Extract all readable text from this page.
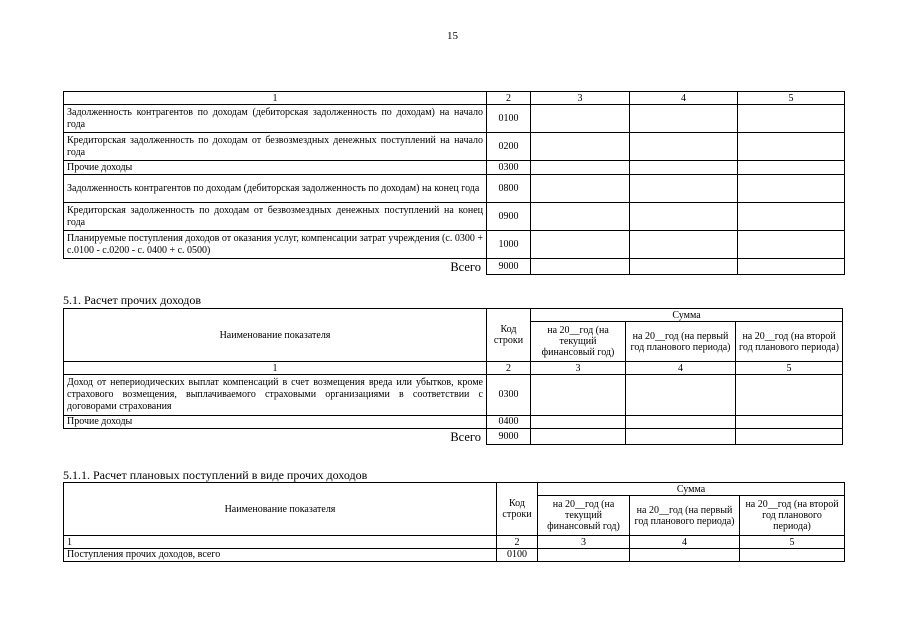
15
1	2	3	4	5
Задолженность контрагентов по доходам (дебиторская задолженность по доходам) на начало года	0100			
Кредиторская задолженность по доходам от безвозмездных денежных поступлений на начало года	0200			
Прочие доходы	0300			
Задолженность контрагентов по доходам (дебиторская задолженность по доходам) на конец года	0800			
Кредиторская задолженность по доходам от безвозмездных денежных поступлений на конец года	0900			
Планируемые поступления доходов от оказания услуг, компенсации затрат учреждения (с. 0300 + с.0100 - с.0200 - с. 0400 + с. 0500)	1000			
Всего	9000			
5.1. Расчет прочих доходов
Наименование показателя	Код строки	Сумма		
		на 20__год (на текущий финансовый год)	на 20__год (на первый год планового периода)	на 20__год (на второй год планового периода)
1	2	3	4	5
Доход от непериодических выплат компенсаций в счет возмещения вреда или убытков, кроме страхового возмещения, выплачиваемого страховыми организациями в соответствии с договорами страхования	0300			
Прочие доходы	0400			
Всего	9000			
5.1.1. Расчет плановых поступлений в виде прочих доходов
Наименование показателя	Код строки	Сумма		
		на 20__год (на текущий финансовый год)	на 20__год (на первый год планового периода)	на 20__год (на второй год планового периода)
1	2	3	4	5
Поступления прочих доходов, всего	0100			
